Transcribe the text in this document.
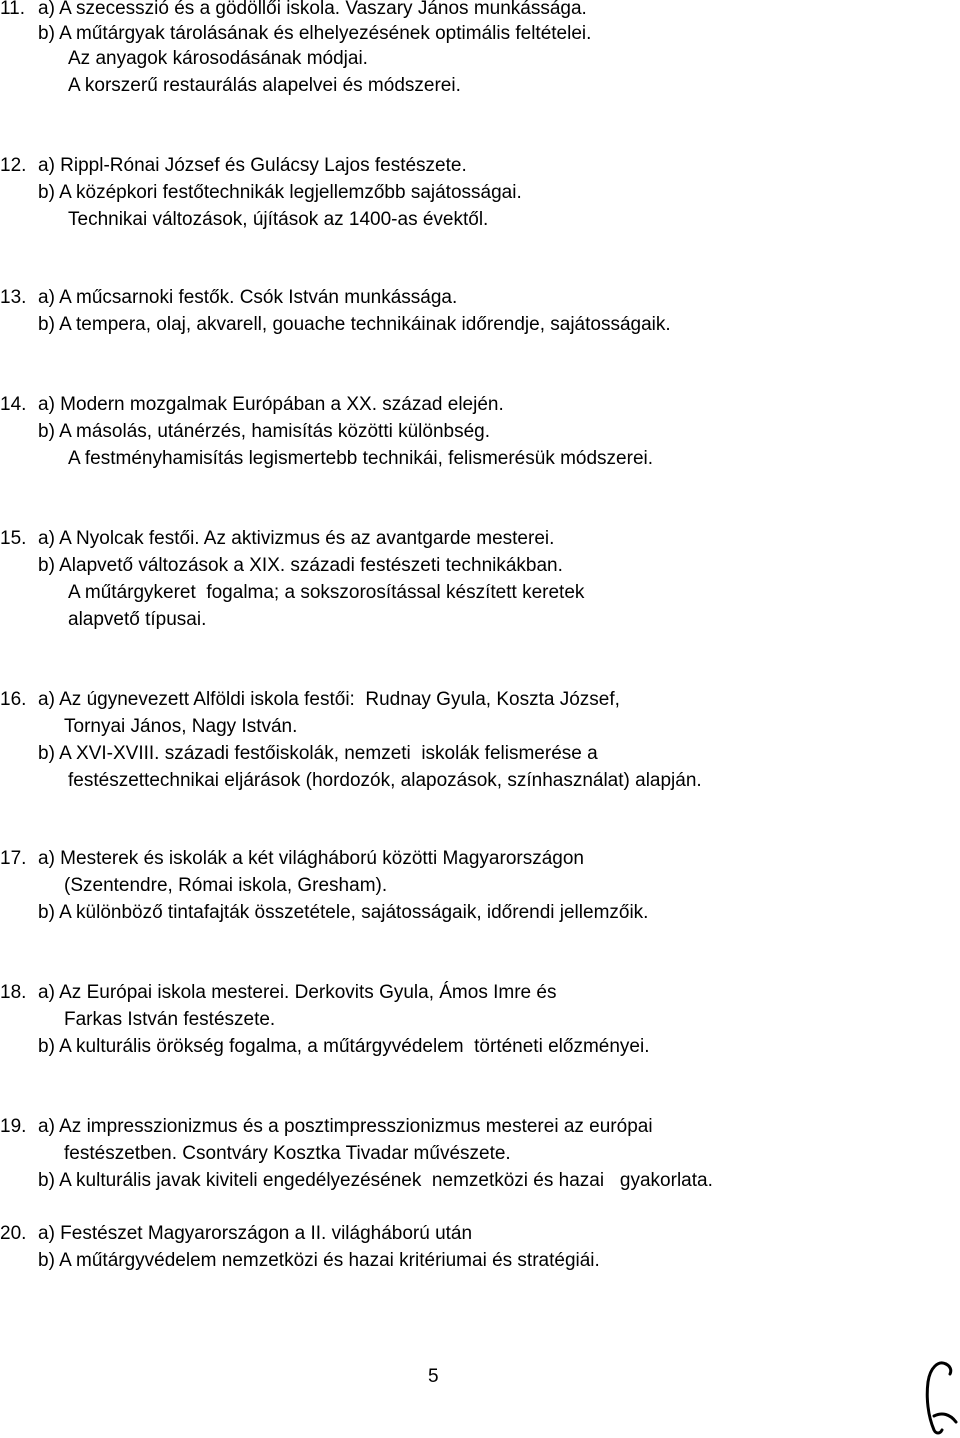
11. a) A szecesszió és a gödöllői iskola. Vaszary János munkássága.
b) A műtárgyak tárolásának és elhelyezésének optimális feltételei.
Az anyagok károsodásának módjai.
A korszerű restaurálás alapelvei és módszerei.
12. a) Rippl-Rónai József és Gulácsy Lajos festészete.
b) A középkori festőtechnikák legjellemzőbb sajátosságai.
Technikai változások, újítások az 1400-as évektől.
13. a) A műcsarnoki festők. Csók István munkássága.
b) A tempera, olaj, akvarell, gouache technikáinak időrendje, sajátosságaik.
14. a) Modern mozgalmak Európában a XX. század elején.
b) A másolás, utánérzés, hamisítás közötti különbség.
A festményhamisítás legismertebb technikái, felismerésük módszerei.
15. a) A Nyolcak festői. Az aktivizmus és az avantgarde mesterei.
b) Alapvető változások a XIX. századi festészeti technikákban.
A műtárgykeret  fogalma; a sokszorosítással készített keretek
alapvető típusai.
16. a) Az úgynevezett Alföldi iskola festői:  Rudnay Gyula, Koszta József,
Tornyai János, Nagy István.
b) A XVI-XVIII. századi festőiskolák, nemzeti  iskolák felismerése a
festészettechnikai eljárások (hordozók, alapozások, színhasználat) alapján.
17. a) Mesterek és iskolák a két világháború közötti Magyarországon
(Szentendre, Római iskola, Gresham).
b) A különböző tintafajták összetétele, sajátosságaik, időrendi jellemzőik.
18. a) Az Európai iskola mesterei. Derkovits Gyula, Ámos Imre és
Farkas István festészete.
b) A kulturális örökség fogalma, a műtárgyvédelem  történeti előzményei.
19. a) Az impresszionizmus és a posztimpresszionizmus mesterei az európai
festészetben. Csontváry Kosztka Tivadar művészete.
b) A kulturális javak kiviteli engedélyezésének  nemzetközi és hazai   gyakorlata.
20. a) Festészet Magyarországon a II. világháború után
b) A műtárgyvédelem nemzetközi és hazai kritériumai és stratégiái.
5
